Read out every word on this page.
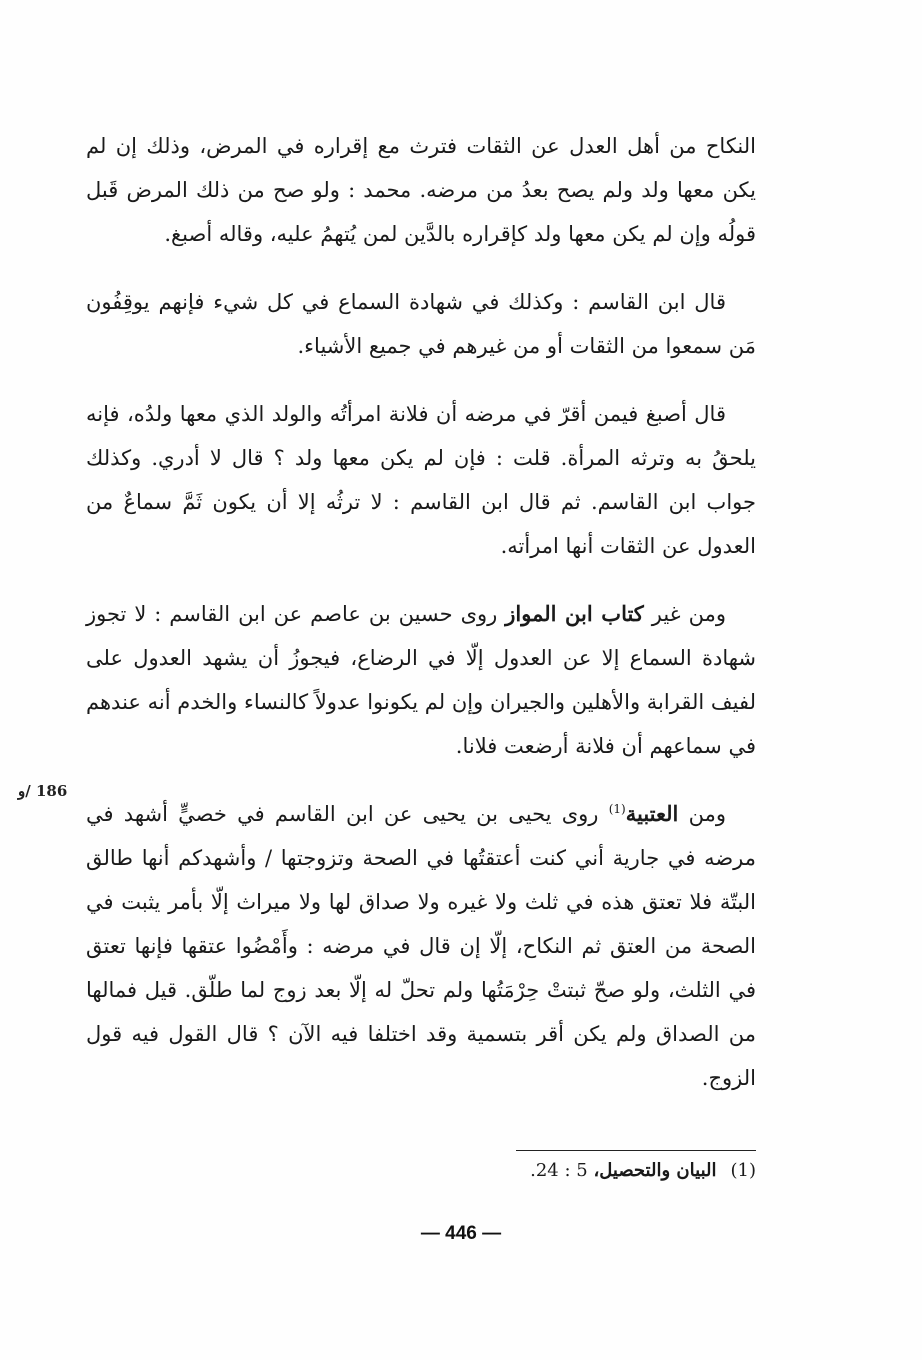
النكاح من أهل العدل عن الثقات فترث مع إقراره في المرض، وذلك إن لم يكن معها ولد ولم يصح بعدُ من مرضه. محمد : ولو صح من ذلك المرض قَبل قولُه وإن لم يكن معها ولد كإقراره بالدَّين لمن يُتهمُ عليه، وقاله أصبغ.

قال ابن القاسم : وكذلك في شهادة السماع في كل شيء فإنهم يوقِفُون مَن سمعوا من الثقات أو من غيرهم في جميع الأشياء.

قال أصبغ فيمن أقرّ في مرضه أن فلانة امرأتُه والولد الذي معها ولدُه، فإنه يلحقُ به وترثه المرأة. قلت : فإن لم يكن معها ولد ؟ قال لا أدري. وكذلك جواب ابن القاسم. ثم قال ابن القاسم : لا ترثُه إلا أن يكون ثَمَّ سماعٌ من العدول عن الثقات أنها امرأته.

ومن غير كتاب ابن المواز روى حسين بن عاصم عن ابن القاسم : لا تجوز شهادة السماع إلا عن العدول إلّا في الرضاع، فيجوزُ أن يشهد العدول على لفيف القرابة والأهلين والجيران وإن لم يكونوا عدولاً كالنساء والخدم أنه عندهم في سماعهم أن فلانة أرضعت فلانا.

ومن العتبية$^{(1)}$ روى يحيى بن يحيى عن ابن القاسم في خصيٍّ أشهد في مرضه في جارية أني كنت أعتقتُها في الصحة وتزوجتها / وأشهدكم أنها طالق البتّة فلا تعتق هذه في ثلث ولا غيره ولا صداق لها ولا ميراث إلّا بأمر يثبت في الصحة من العتق ثم النكاح، إلّا إن قال في مرضه : وأَمْضُوا عتقها فإنها تعتق في الثلث، ولو صحّ ثبتتْ حِرْمَتُها ولم تحلّ له إلّا بعد زوج لما طلّق. قيل فمالها من الصداق ولم يكن أقر بتسمية وقد اختلفا فيه الآن ؟ قال القول فيه قول الزوج.

186 /و
(1)البيان والتحصيل، 5 : 24.
— 446 —
